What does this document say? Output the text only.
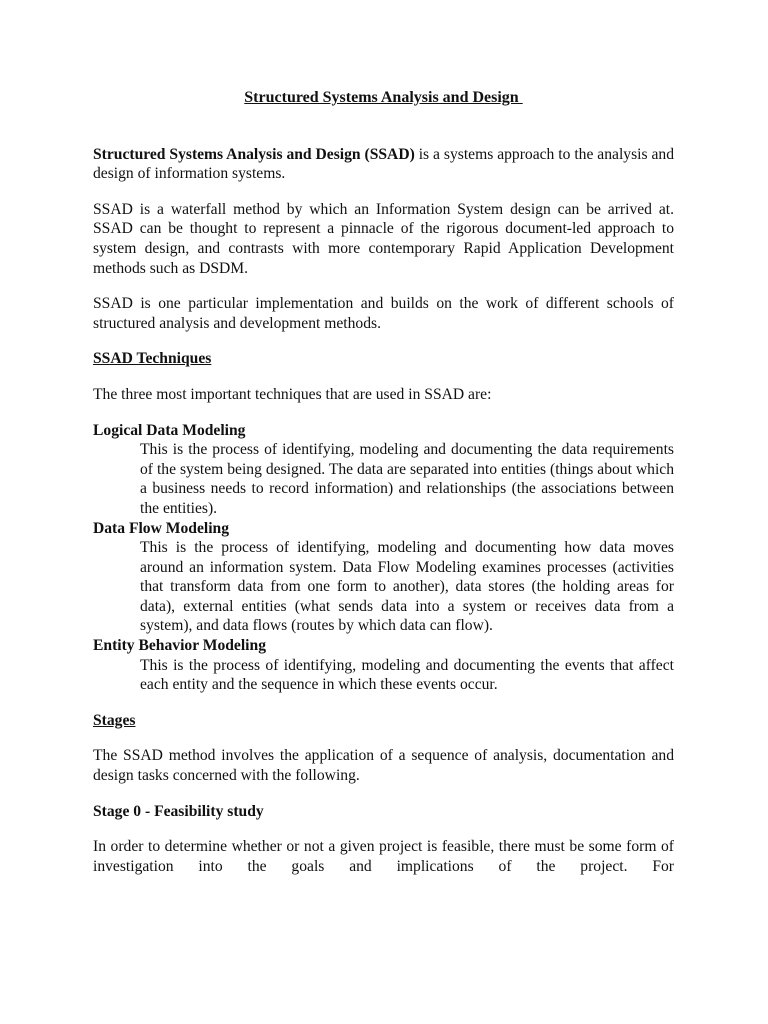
Structured Systems Analysis and Design

Structured Systems Analysis and Design (SSAD) is a systems approach to the analysis and design of information systems.

SSAD is a waterfall method by which an Information System design can be arrived at. SSAD can be thought to represent a pinnacle of the rigorous document-led approach to system design, and contrasts with more contemporary Rapid Application Development methods such as DSDM.

SSAD is one particular implementation and builds on the work of different schools of structured analysis and development methods.

SSAD Techniques

The three most important techniques that are used in SSAD are:

Logical Data Modeling
This is the process of identifying, modeling and documenting the data requirements of the system being designed. The data are separated into entities (things about which a business needs to record information) and relationships (the associations between the entities).
Data Flow Modeling
This is the process of identifying, modeling and documenting how data moves around an information system. Data Flow Modeling examines processes (activities that transform data from one form to another), data stores (the holding areas for data), external entities (what sends data into a system or receives data from a system), and data flows (routes by which data can flow).
Entity Behavior Modeling
This is the process of identifying, modeling and documenting the events that affect each entity and the sequence in which these events occur.
Stages

The SSAD method involves the application of a sequence of analysis, documentation and design tasks concerned with the following.

Stage 0 - Feasibility study

In order to determine whether or not a given project is feasible, there must be some form of investigation into the goals and implications of the project. For
